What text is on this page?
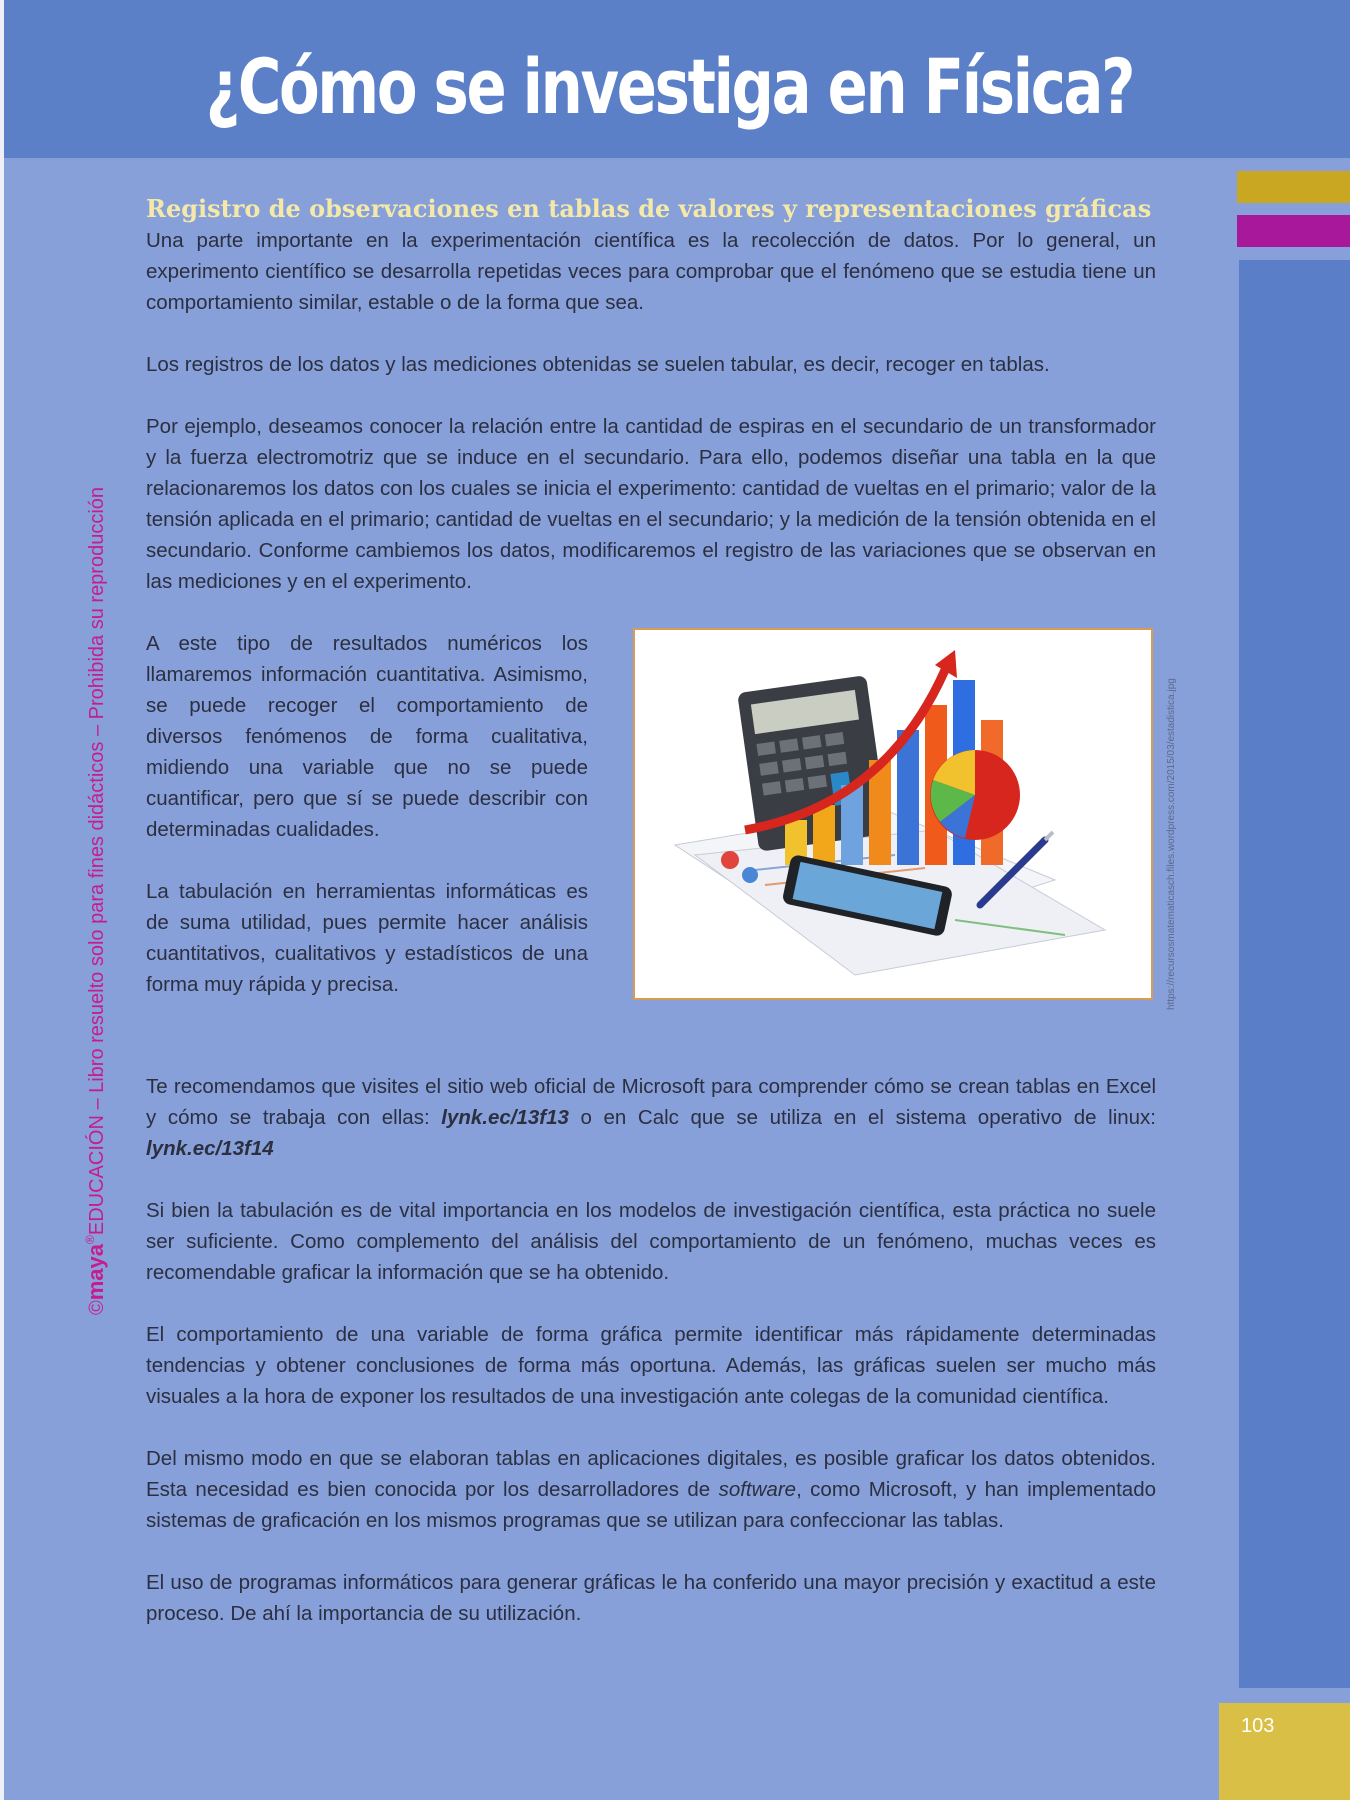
¿Cómo se investiga en Física?
©maya®EDUCACIÓN – Libro resuelto solo para fines didácticos – Prohibida su reproducción
Registro de observaciones en tablas de valores y representaciones gráficas

Una parte importante en la experimentación científica es la recolección de datos. Por lo general, un experimento científico se desarrolla repetidas veces para comprobar que el fenómeno que se estudia tiene un comportamiento similar, estable o de la forma que sea.

Los registros de los datos y las mediciones obtenidas se suelen tabular, es decir, recoger en tablas.

Por ejemplo, deseamos conocer la relación entre la cantidad de espiras en el secundario de un transformador y la fuerza electromotriz que se induce en el secundario. Para ello, podemos diseñar una tabla en la que relacionaremos los datos con los cuales se inicia el experimento: cantidad de vueltas en el primario; valor de la tensión aplicada en el primario; cantidad de vueltas en el secundario; y la medición de la tensión obtenida en el secundario. Conforme cambiemos los datos, modificaremos el registro de las variaciones que se observan en las mediciones y en el experimento.

A este tipo de resultados numéricos los llamaremos información cuantitativa. Asimismo, se puede recoger el comportamiento de diversos fenómenos de forma cualitativa, midiendo una variable que no se puede cuantificar, pero que sí se puede describir con determinadas cualidades.

La tabulación en herramientas informáticas es de suma utilidad, pues permite hacer análisis cuantitativos, cualitativos y estadísticos de una forma muy rápida y precisa.

Te recomendamos que visites el sitio web oficial de Microsoft para comprender cómo se crean tablas en Excel y cómo se trabaja con ellas: lynk.ec/13f13 o en Calc que se utiliza en el sistema operativo de linux: lynk.ec/13f14

Si bien la tabulación es de vital importancia en los modelos de investigación científica, esta práctica no suele ser suficiente. Como complemento del análisis del comportamiento de un fenómeno, muchas veces es recomendable graficar la información que se ha obtenido.

El comportamiento de una variable de forma gráfica permite identificar más rápidamente determinadas tendencias y obtener conclusiones de forma más oportuna. Además, las gráficas suelen ser mucho más visuales a la hora de exponer los resultados de una investigación ante colegas de la comunidad científica.

Del mismo modo en que se elaboran tablas en aplicaciones digitales, es posible graficar los datos obtenidos. Esta necesidad es bien conocida por los desarrolladores de software, como Microsoft, y han implementado sistemas de graficación en los mismos programas que se utilizan para confeccionar las tablas.

El uso de programas informáticos para generar gráficas le ha conferido una mayor precisión y exactitud a este proceso. De ahí la importancia de su utilización.

https://recursosmatematicasch.files.wordpress.com/2015/03/estadistica.jpg
103
